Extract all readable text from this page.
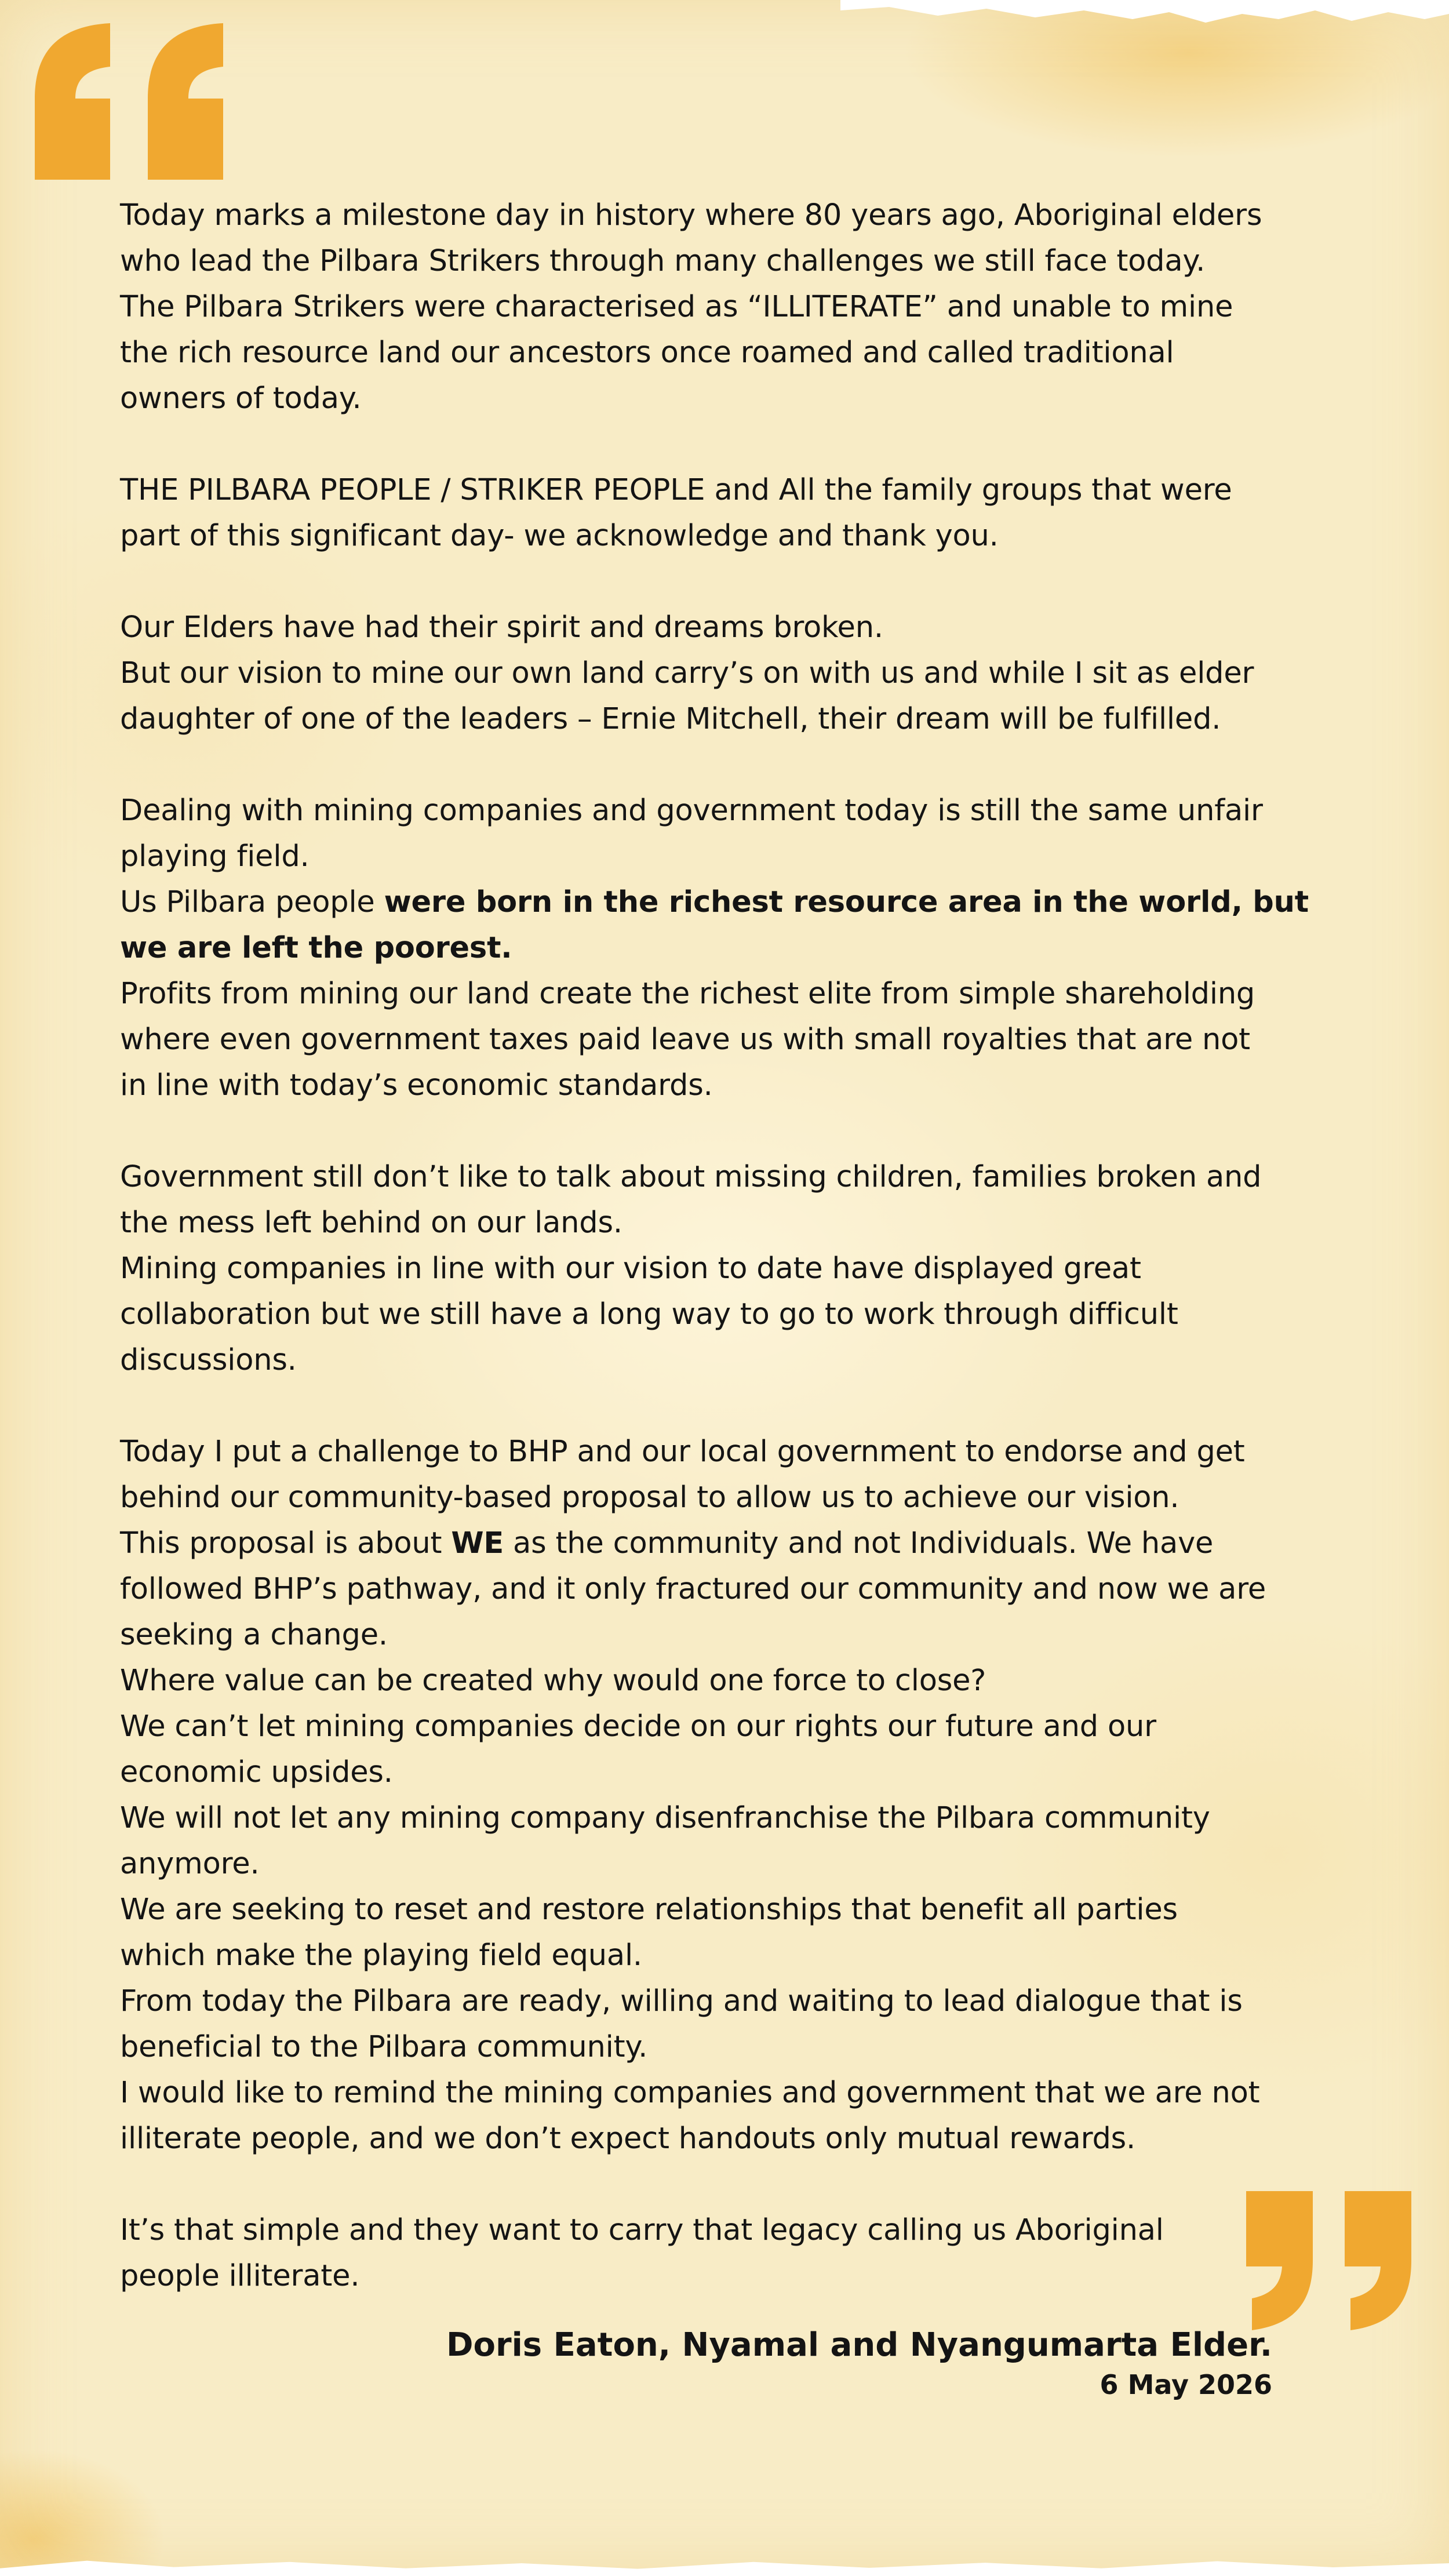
Today marks a milestone day in history where 80 years ago, Aboriginal elders
who lead the Pilbara Strikers through many challenges we still face today.
The Pilbara Strikers were characterised as “ILLITERATE” and unable to mine
the rich resource land our ancestors once roamed and called traditional
owners of today.

THE PILBARA PEOPLE / STRIKER PEOPLE and All the family groups that were
part of this significant day- we acknowledge and thank you.

Our Elders have had their spirit and dreams broken.
But our vision to mine our own land carry’s on with us and while I sit as elder
daughter of one of the leaders – Ernie Mitchell, their dream will be fulfilled.

Dealing with mining companies and government today is still the same unfair
playing field.
Us Pilbara people were born in the richest resource area in the world, but
we are left the poorest.
Profits from mining our land create the richest elite from simple shareholding
where even government taxes paid leave us with small royalties that are not
in line with today’s economic standards.

Government still don’t like to talk about missing children, families broken and
the mess left behind on our lands.
Mining companies in line with our vision to date have displayed great
collaboration but we still have a long way to go to work through difficult
discussions.

Today I put a challenge to BHP and our local government to endorse and get
behind our community-based proposal to allow us to achieve our vision.
This proposal is about WE as the community and not Individuals. We have
followed BHP’s pathway, and it only fractured our community and now we are
seeking a change.
Where value can be created why would one force to close?
We can’t let mining companies decide on our rights our future and our
economic upsides.
We will not let any mining company disenfranchise the Pilbara community
anymore.
We are seeking to reset and restore relationships that benefit all parties
which make the playing field equal.
From today the Pilbara are ready, willing and waiting to lead dialogue that is
beneficial to the Pilbara community.
I would like to remind the mining companies and government that we are not
illiterate people, and we don’t expect handouts only mutual rewards.

It’s that simple and they want to carry that legacy calling us Aboriginal
people illiterate.

Doris Eaton, Nyamal and Nyangumarta Elder.
6 May 2026
